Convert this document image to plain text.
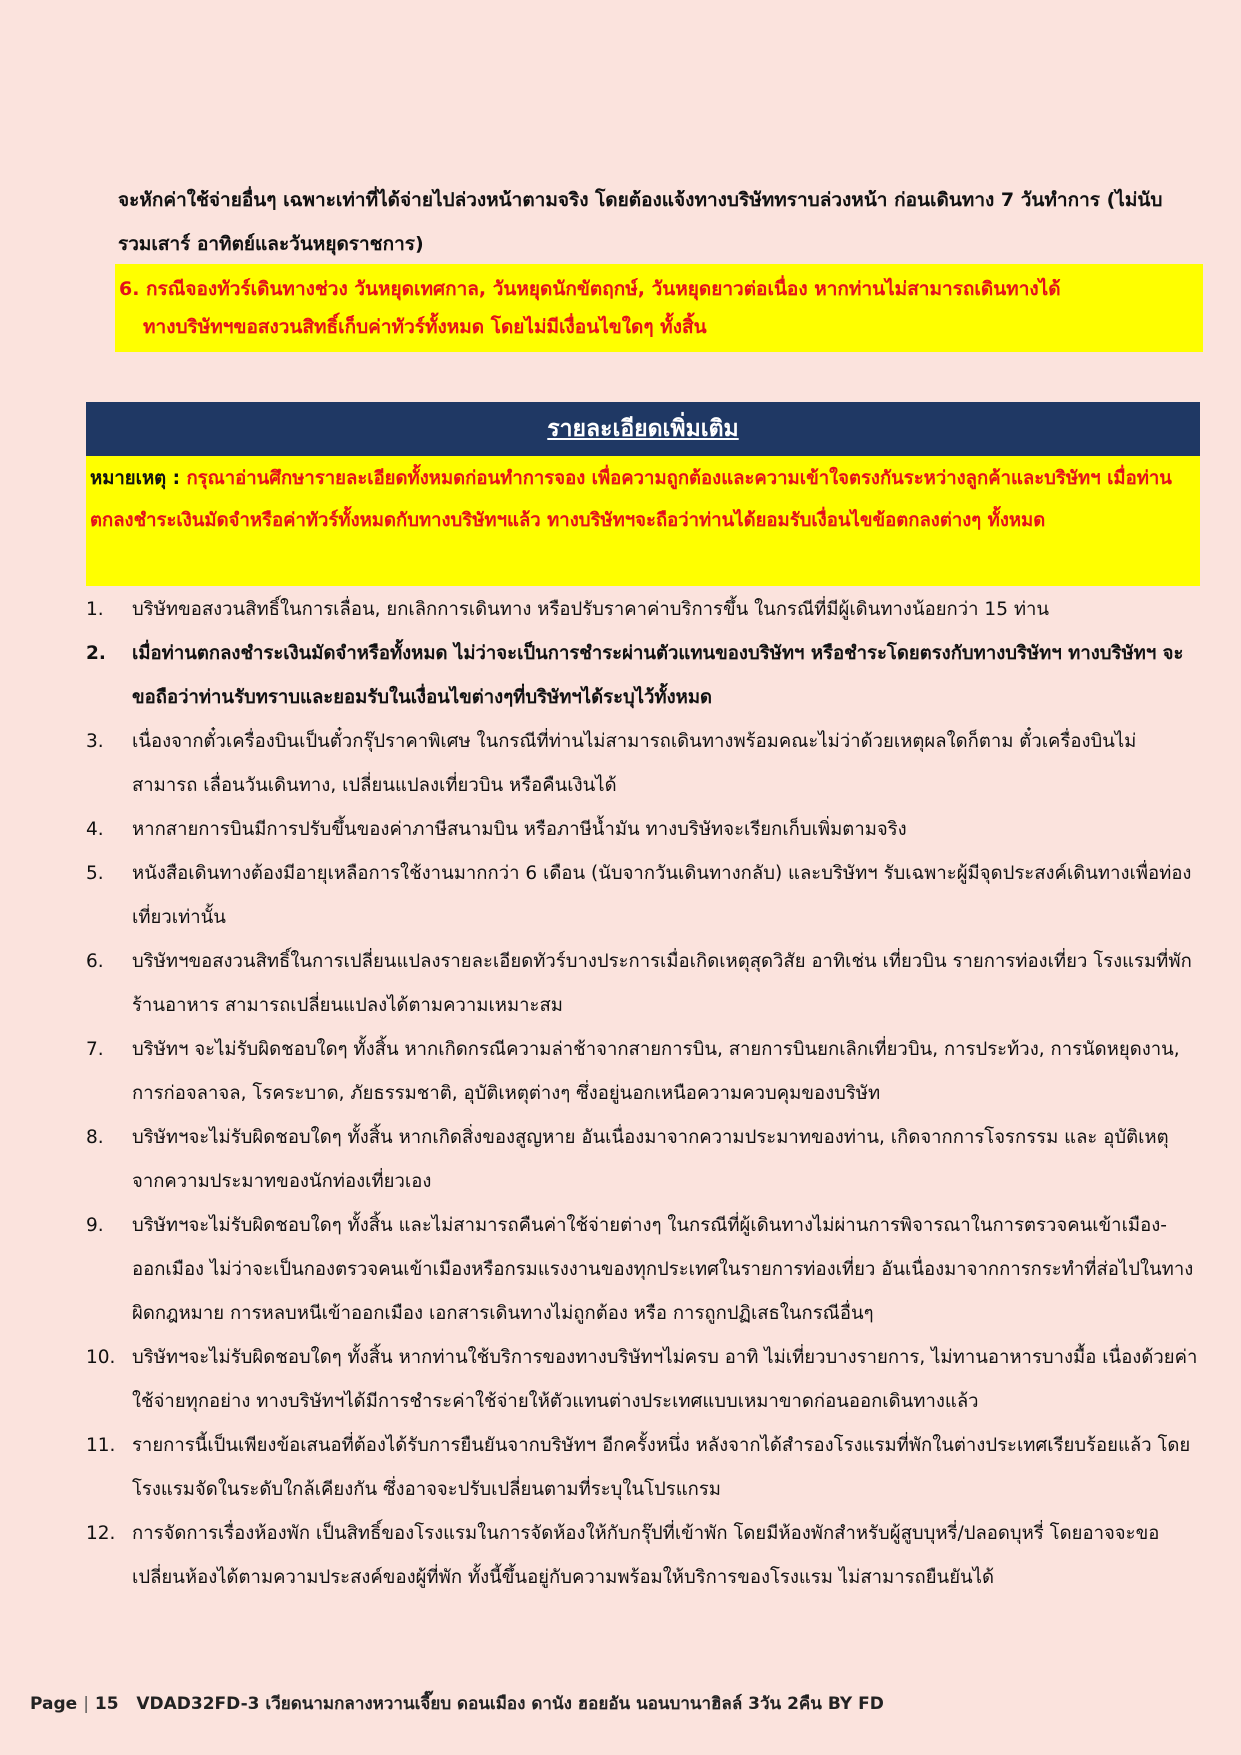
จะหักค่าใช้จ่ายอื่นๆ เฉพาะเท่าที่ได้จ่ายไปล่วงหน้าตามจริง โดยต้องแจ้งทางบริษัททราบล่วงหน้า ก่อนเดินทาง 7 วันทำการ (ไม่นับรวมเสาร์ อาทิตย์และวันหยุดราชการ)

6. กรณีจองทัวร์เดินทางช่วง วันหยุดเทศกาล, วันหยุดนักขัตฤกษ์, วันหยุดยาวต่อเนื่อง หากท่านไม่สามารถเดินทางได้
ทางบริษัทฯขอสงวนสิทธิ์เก็บค่าทัวร์ทั้งหมด โดยไม่มีเงื่อนไขใดๆ ทั้งสิ้น
รายละเอียดเพิ่มเติม
หมายเหตุ : กรุณาอ่านศึกษารายละเอียดทั้งหมดก่อนทำการจอง เพื่อความถูกต้องและความเข้าใจตรงกันระหว่างลูกค้าและบริษัทฯ เมื่อท่านตกลงชำระเงินมัดจำหรือค่าทัวร์ทั้งหมดกับทางบริษัทฯแล้ว ทางบริษัทฯจะถือว่าท่านได้ยอมรับเงื่อนไขข้อตกลงต่างๆ ทั้งหมด
1.	บริษัทขอสงวนสิทธิ์ในการเลื่อน, ยกเลิกการเดินทาง หรือปรับราคาค่าบริการขึ้น ในกรณีที่มีผู้เดินทางน้อยกว่า 15 ท่าน
2.	เมื่อท่านตกลงชำระเงินมัดจำหรือทั้งหมด ไม่ว่าจะเป็นการชำระผ่านตัวแทนของบริษัทฯ หรือชำระโดยตรงกับทางบริษัทฯ ทางบริษัทฯ จะขอถือว่าท่านรับทราบและยอมรับในเงื่อนไขต่างๆที่บริษัทฯได้ระบุไว้ทั้งหมด
3.	เนื่องจากตั๋วเครื่องบินเป็นตั๋วกรุ๊ปราคาพิเศษ ในกรณีที่ท่านไม่สามารถเดินทางพร้อมคณะไม่ว่าด้วยเหตุผลใดก็ตาม ตั๋วเครื่องบินไม่สามารถ เลื่อนวันเดินทาง, เปลี่ยนแปลงเที่ยวบิน หรือคืนเงินได้
4.	หากสายการบินมีการปรับขึ้นของค่าภาษีสนามบิน หรือภาษีน้ำมัน ทางบริษัทจะเรียกเก็บเพิ่มตามจริง
5.	หนังสือเดินทางต้องมีอายุเหลือการใช้งานมากกว่า 6 เดือน (นับจากวันเดินทางกลับ) และบริษัทฯ รับเฉพาะผู้มีจุดประสงค์เดินทางเพื่อท่องเที่ยวเท่านั้น
6.	บริษัทฯขอสงวนสิทธิ์ในการเปลี่ยนแปลงรายละเอียดทัวร์บางประการเมื่อเกิดเหตุสุดวิสัย อาทิเช่น เที่ยวบิน รายการท่องเที่ยว โรงแรมที่พัก ร้านอาหาร สามารถเปลี่ยนแปลงได้ตามความเหมาะสม
7.	บริษัทฯ จะไม่รับผิดชอบใดๆ ทั้งสิ้น หากเกิดกรณีความล่าช้าจากสายการบิน, สายการบินยกเลิกเที่ยวบิน, การประท้วง, การนัดหยุดงาน, การก่อจลาจล, โรคระบาด, ภัยธรรมชาติ, อุบัติเหตุต่างๆ ซึ่งอยู่นอกเหนือความควบคุมของบริษัท
8.	บริษัทฯจะไม่รับผิดชอบใดๆ ทั้งสิ้น หากเกิดสิ่งของสูญหาย อันเนื่องมาจากความประมาทของท่าน, เกิดจากการโจรกรรม และ อุบัติเหตุจากความประมาทของนักท่องเที่ยวเอง
9.	บริษัทฯจะไม่รับผิดชอบใดๆ ทั้งสิ้น และไม่สามารถคืนค่าใช้จ่ายต่างๆ ในกรณีที่ผู้เดินทางไม่ผ่านการพิจารณาในการตรวจคนเข้าเมือง-ออกเมือง ไม่ว่าจะเป็นกองตรวจคนเข้าเมืองหรือกรมแรงงานของทุกประเทศในรายการท่องเที่ยว อันเนื่องมาจากการกระทำที่ส่อไปในทางผิดกฎหมาย การหลบหนีเข้าออกเมือง เอกสารเดินทางไม่ถูกต้อง หรือ การถูกปฏิเสธในกรณีอื่นๆ
10. บริษัทฯจะไม่รับผิดชอบใดๆ ทั้งสิ้น หากท่านใช้บริการของทางบริษัทฯไม่ครบ อาทิ ไม่เที่ยวบางรายการ, ไม่ทานอาหารบางมื้อ เนื่องด้วยค่าใช้จ่ายทุกอย่าง ทางบริษัทฯได้มีการชำระค่าใช้จ่ายให้ตัวแทนต่างประเทศแบบเหมาขาดก่อนออกเดินทางแล้ว
11. รายการนี้เป็นเพียงข้อเสนอที่ต้องได้รับการยืนยันจากบริษัทฯ อีกครั้งหนึ่ง หลังจากได้สำรองโรงแรมที่พักในต่างประเทศเรียบร้อยแล้ว โดยโรงแรมจัดในระดับใกล้เคียงกัน ซึ่งอาจจะปรับเปลี่ยนตามที่ระบุในโปรแกรม
12. การจัดการเรื่องห้องพัก เป็นสิทธิ์ของโรงแรมในการจัดห้องให้กับกรุ๊ปที่เข้าพัก โดยมีห้องพักสำหรับผู้สูบบุหรี่/ปลอดบุหรี่ โดยอาจจะขอเปลี่ยนห้องได้ตามความประสงค์ของผู้ที่พัก ทั้งนี้ขึ้นอยู่กับความพร้อมให้บริการของโรงแรม ไม่สามารถยืนยันได้
Page | 15 VDAD32FD-3 เวียดนามกลางหวานเจี๊ยบ ดอนเมือง ดานัง ฮอยอัน นอนบานาฮิลล์ 3วัน 2คืน BY FD
